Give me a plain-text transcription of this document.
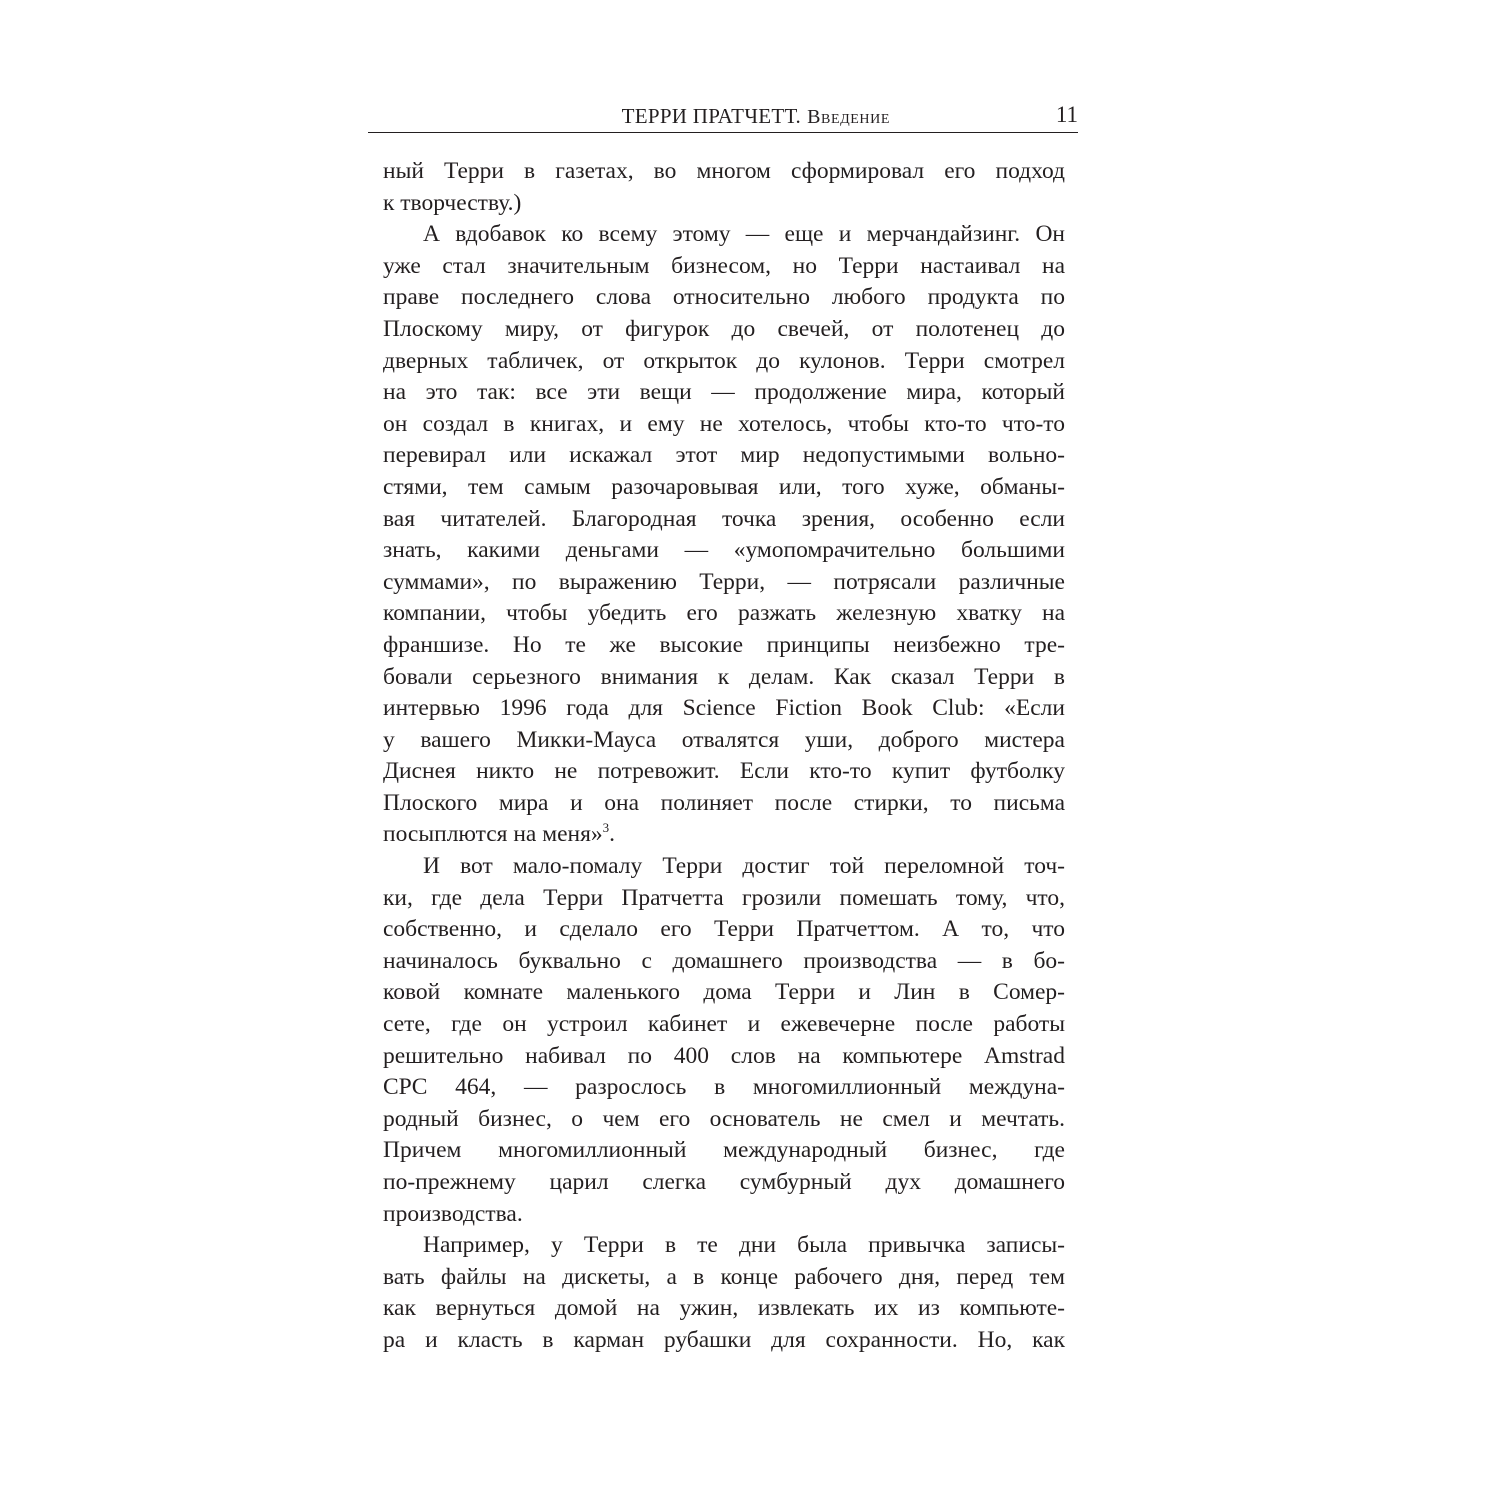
ТЕРРИ ПРАТЧЕТТ. Введение	11
ный Терри в газетах, во многом сформировал его подход
к творчеству.)
А вдобавок ко всему этому — еще и мерчандайзинг. Он
уже стал значительным бизнесом, но Терри настаивал на
праве последнего слова относительно любого продукта по
Плоскому миру, от фигурок до свечей, от полотенец до
дверных табличек, от открыток до кулонов. Терри смотрел
на это так: все эти вещи — продолжение мира, который
он создал в книгах, и ему не хотелось, чтобы кто-то что-то
перевирал или искажал этот мир недопустимыми вольно-
стями, тем самым разочаровывая или, того хуже, обманы-
вая читателей. Благородная точка зрения, особенно если
знать, какими деньгами — «умопомрачительно большими
суммами», по выражению Терри, — потрясали различные
компании, чтобы убедить его разжать железную хватку на
франшизе. Но те же высокие принципы неизбежно тре-
бовали серьезного внимания к делам. Как сказал Терри в
интервью 1996 года для Science Fiction Book Club: «Если
у вашего Микки-Мауса отвалятся уши, доброго мистера
Диснея никто не потревожит. Если кто-то купит футболку
Плоского мира и она полиняет после стирки, то письма
посыплются на меня»$^3$.
И вот мало-помалу Терри достиг той переломной точ-
ки, где дела Терри Пратчетта грозили помешать тому, что,
собственно, и сделало его Терри Пратчеттом. А то, что
начиналось буквально с домашнего производства — в бо-
ковой комнате маленького дома Терри и Лин в Сомер-
сете, где он устроил кабинет и ежевечерне после работы
решительно набивал по 400 слов на компьютере Amstrad
CPC 464, — разрослось в многомиллионный междуна-
родный бизнес, о чем его основатель не смел и мечтать.
Причем многомиллионный международный бизнес, где
по-прежнему царил слегка сумбурный дух домашнего
производства.
Например, у Терри в те дни была привычка записы-
вать файлы на дискеты, а в конце рабочего дня, перед тем
как вернуться домой на ужин, извлекать их из компьюте-
ра и класть в карман рубашки для сохранности. Но, как
